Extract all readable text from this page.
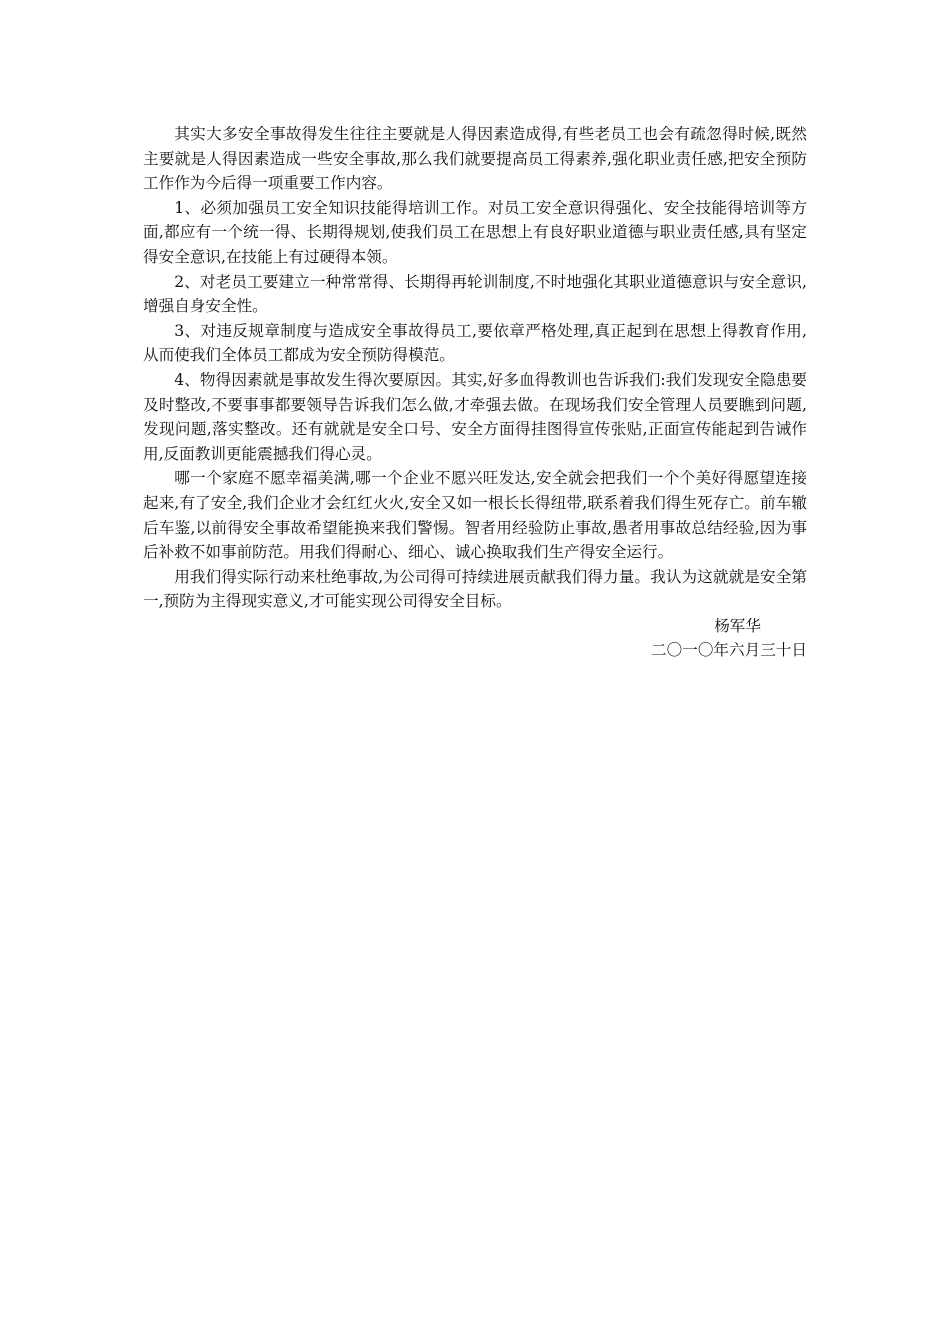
其实大多安全事故得发生往往主要就是人得因素造成得,有些老员工也会有疏忽得时候,既然主要就是人得因素造成一些安全事故,那么我们就要提高员工得素养,强化职业责任感,把安全预防工作作为今后得一项重要工作内容。

1、必须加强员工安全知识技能得培训工作。对员工安全意识得强化、安全技能得培训等方面,都应有一个统一得、长期得规划,使我们员工在思想上有良好职业道德与职业责任感,具有坚定得安全意识,在技能上有过硬得本领。

2、对老员工要建立一种常常得、长期得再轮训制度,不时地强化其职业道德意识与安全意识,增强自身安全性。

3、对违反规章制度与造成安全事故得员工,要依章严格处理,真正起到在思想上得教育作用,从而使我们全体员工都成为安全预防得模范。

4、物得因素就是事故发生得次要原因。其实,好多血得教训也告诉我们:我们发现安全隐患要及时整改,不要事事都要领导告诉我们怎么做,才牵强去做。在现场我们安全管理人员要瞧到问题,发现问题,落实整改。还有就就是安全口号、安全方面得挂图得宣传张贴,正面宣传能起到告诫作用,反面教训更能震撼我们得心灵。

哪一个家庭不愿幸福美满,哪一个企业不愿兴旺发达,安全就会把我们一个个美好得愿望连接起来,有了安全,我们企业才会红红火火,安全又如一根长长得纽带,联系着我们得生死存亡。前车辙后车鉴,以前得安全事故希望能换来我们警惕。智者用经验防止事故,愚者用事故总结经验,因为事后补救不如事前防范。用我们得耐心、细心、诚心换取我们生产得安全运行。

用我们得实际行动来杜绝事故,为公司得可持续进展贡献我们得力量。我认为这就就是安全第一,预防为主得现实意义,才可能实现公司得安全目标。

杨军华

二〇一〇年六月三十日
